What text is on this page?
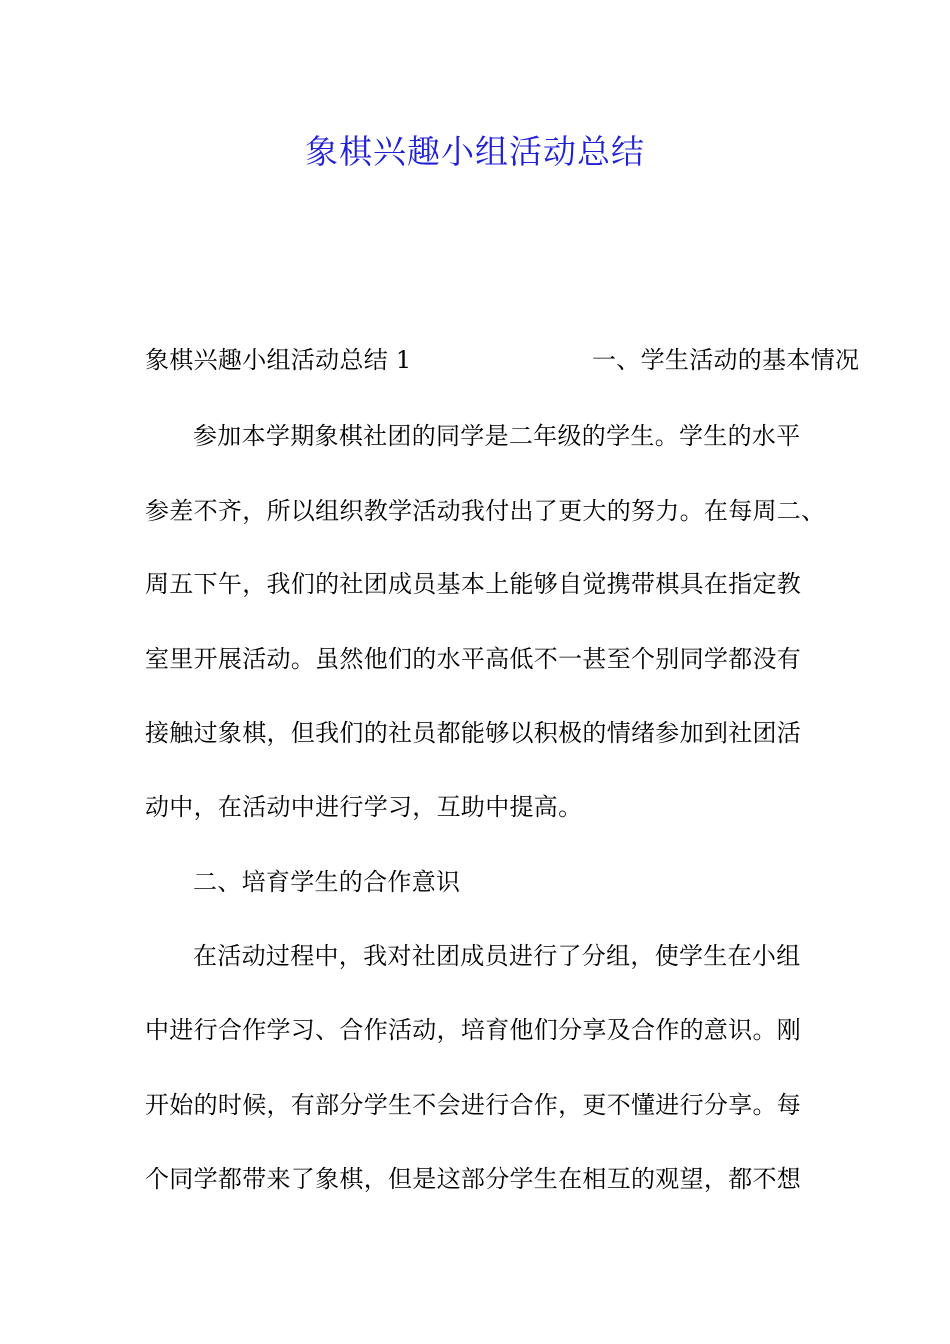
象棋兴趣小组活动总结
象棋兴趣小组活动总结 1	一、学生活动的基本情况
参加本学期象棋社团的同学是二年级的学生。学生的水平
参差不齐，所以组织教学活动我付出了更大的努力。在每周二、
周五下午，我们的社团成员基本上能够自觉携带棋具在指定教
室里开展活动。虽然他们的水平高低不一甚至个别同学都没有
接触过象棋，但我们的社员都能够以积极的情绪参加到社团活
动中，在活动中进行学习，互助中提高。
二、培育学生的合作意识
在活动过程中，我对社团成员进行了分组，使学生在小组
中进行合作学习、合作活动，培育他们分享及合作的意识。刚
开始的时候，有部分学生不会进行合作，更不懂进行分享。每
个同学都带来了象棋，但是这部分学生在相互的观望，都不想
